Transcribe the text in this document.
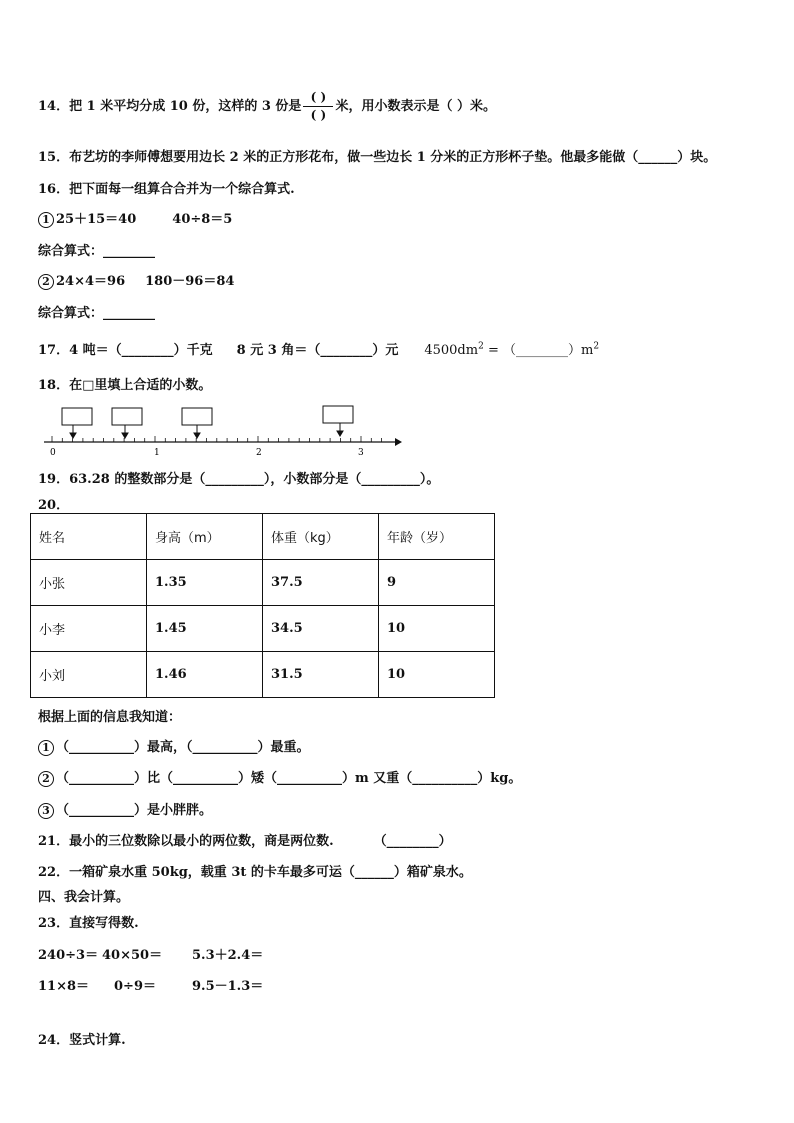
14．把 1 米平均分成 10 份，这样的 3 份是 $\frac{( )}{( )}$ 米，用小数表示是（ ）米。
15．布艺坊的李师傅想要用边长 2 米的正方形花布，做一些边长 1 分米的正方形杯子垫。他最多能做（______）块。
16．把下面每一组算合合并为一个综合算式.
1 25＋15＝40	40÷8＝5
综合算式：________
2 24×4＝96 180－96＝84
综合算式：________
17．4 吨＝（________）千克 8 元 3 角＝（________）元 $4500dm^2$ = $(\_\_\_\_\_\_\_\_)m^2$
18．在□里填上合适的小数。
0	1	2	3
19．63.28 的整数部分是（_________），小数部分是（_________）。
20．
姓名	身高（m）	体重（kg）	年龄（岁）
小张	1.35	37.5	9
小李	1.45	34.5	10
小刘	1.46	31.5	10
根据上面的信息我知道：
1 （__________）最高，（__________）最重。
2 （__________）比（__________）矮（__________）m 又重（__________）kg。
3 （__________）是小胖胖。
21．最小的三位数除以最小的两位数，商是两位数.	（________）
22．一箱矿泉水重 50kg，载重 3t 的卡车最多可运（______）箱矿泉水。
四、我会计算。
23．直接写得数.
240÷3＝ 40×50＝ 5.3＋2.4＝
11×8＝ 0÷9＝	9.5－1.3＝
24．竖式计算.
